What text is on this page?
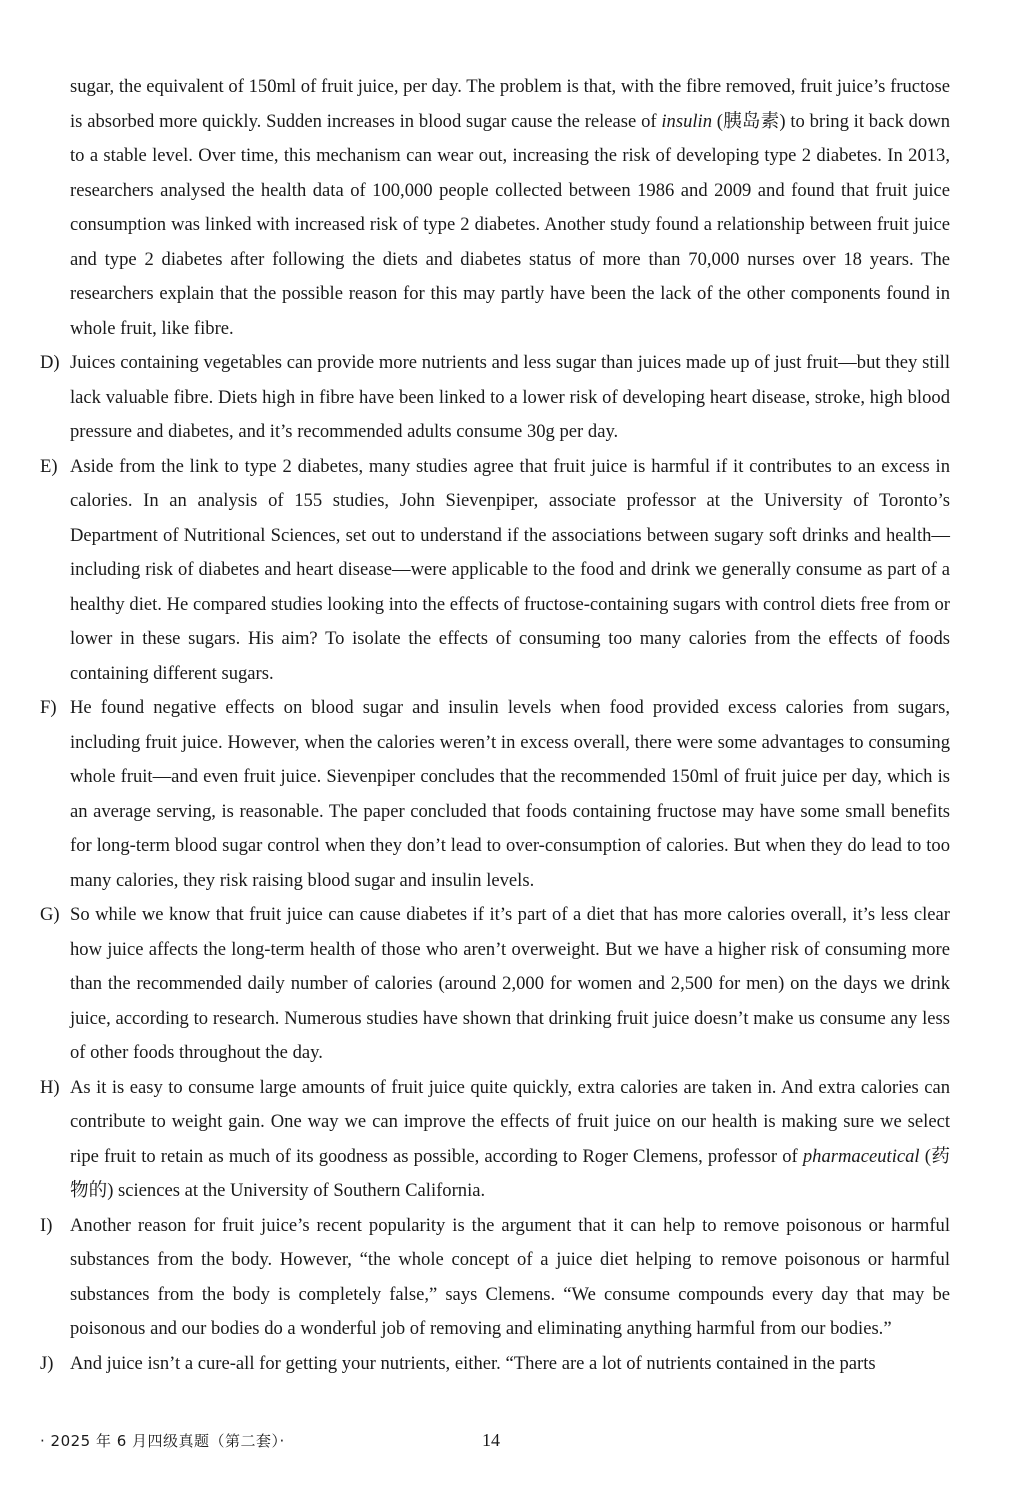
sugar, the equivalent of 150ml of fruit juice, per day. The problem is that, with the fibre removed, fruit juice’s fructose is absorbed more quickly. Sudden increases in blood sugar cause the release of insulin (胰岛素) to bring it back down to a stable level. Over time, this mechanism can wear out, increasing the risk of developing type 2 diabetes. In 2013, researchers analysed the health data of 100,000 people collected between 1986 and 2009 and found that fruit juice consumption was linked with increased risk of type 2 diabetes. Another study found a relationship between fruit juice and type 2 diabetes after following the diets and diabetes status of more than 70,000 nurses over 18 years. The researchers explain that the possible reason for this may partly have been the lack of the other components found in whole fruit, like fibre.

D) Juices containing vegetables can provide more nutrients and less sugar than juices made up of just fruit—but they still lack valuable fibre. Diets high in fibre have been linked to a lower risk of developing heart disease, stroke, high blood pressure and diabetes, and it’s recommended adults consume 30g per day.

E) Aside from the link to type 2 diabetes, many studies agree that fruit juice is harmful if it contributes to an excess in calories. In an analysis of 155 studies, John Sievenpiper, associate professor at the University of Toronto’s Department of Nutritional Sciences, set out to understand if the associations between sugary soft drinks and health—including risk of diabetes and heart disease—were applicable to the food and drink we generally consume as part of a healthy diet. He compared studies looking into the effects of fructose-containing sugars with control diets free from or lower in these sugars. His aim? To isolate the effects of consuming too many calories from the effects of foods containing different sugars.

F) He found negative effects on blood sugar and insulin levels when food provided excess calories from sugars, including fruit juice. However, when the calories weren’t in excess overall, there were some advantages to consuming whole fruit—and even fruit juice. Sievenpiper concludes that the recommended 150ml of fruit juice per day, which is an average serving, is reasonable. The paper concluded that foods containing fructose may have some small benefits for long-term blood sugar control when they don’t lead to over-consumption of calories. But when they do lead to too many calories, they risk raising blood sugar and insulin levels.

G) So while we know that fruit juice can cause diabetes if it’s part of a diet that has more calories overall, it’s less clear how juice affects the long-term health of those who aren’t overweight. But we have a higher risk of consuming more than the recommended daily number of calories (around 2,000 for women and 2,500 for men) on the days we drink juice, according to research. Numerous studies have shown that drinking fruit juice doesn’t make us consume any less of other foods throughout the day.

H) As it is easy to consume large amounts of fruit juice quite quickly, extra calories are taken in. And extra calories can contribute to weight gain. One way we can improve the effects of fruit juice on our health is making sure we select ripe fruit to retain as much of its goodness as possible, according to Roger Clemens, professor of pharmaceutical (药物的) sciences at the University of Southern California.

I) Another reason for fruit juice’s recent popularity is the argument that it can help to remove poisonous or harmful substances from the body. However, “the whole concept of a juice diet helping to remove poisonous or harmful substances from the body is completely false,” says Clemens. “We consume compounds every day that may be poisonous and our bodies do a wonderful job of removing and eliminating anything harmful from our bodies.”

J) And juice isn’t a cure-all for getting your nutrients, either. “There are a lot of nutrients contained in the parts

· 2025 年 6 月四级真题（第二套）·	14
